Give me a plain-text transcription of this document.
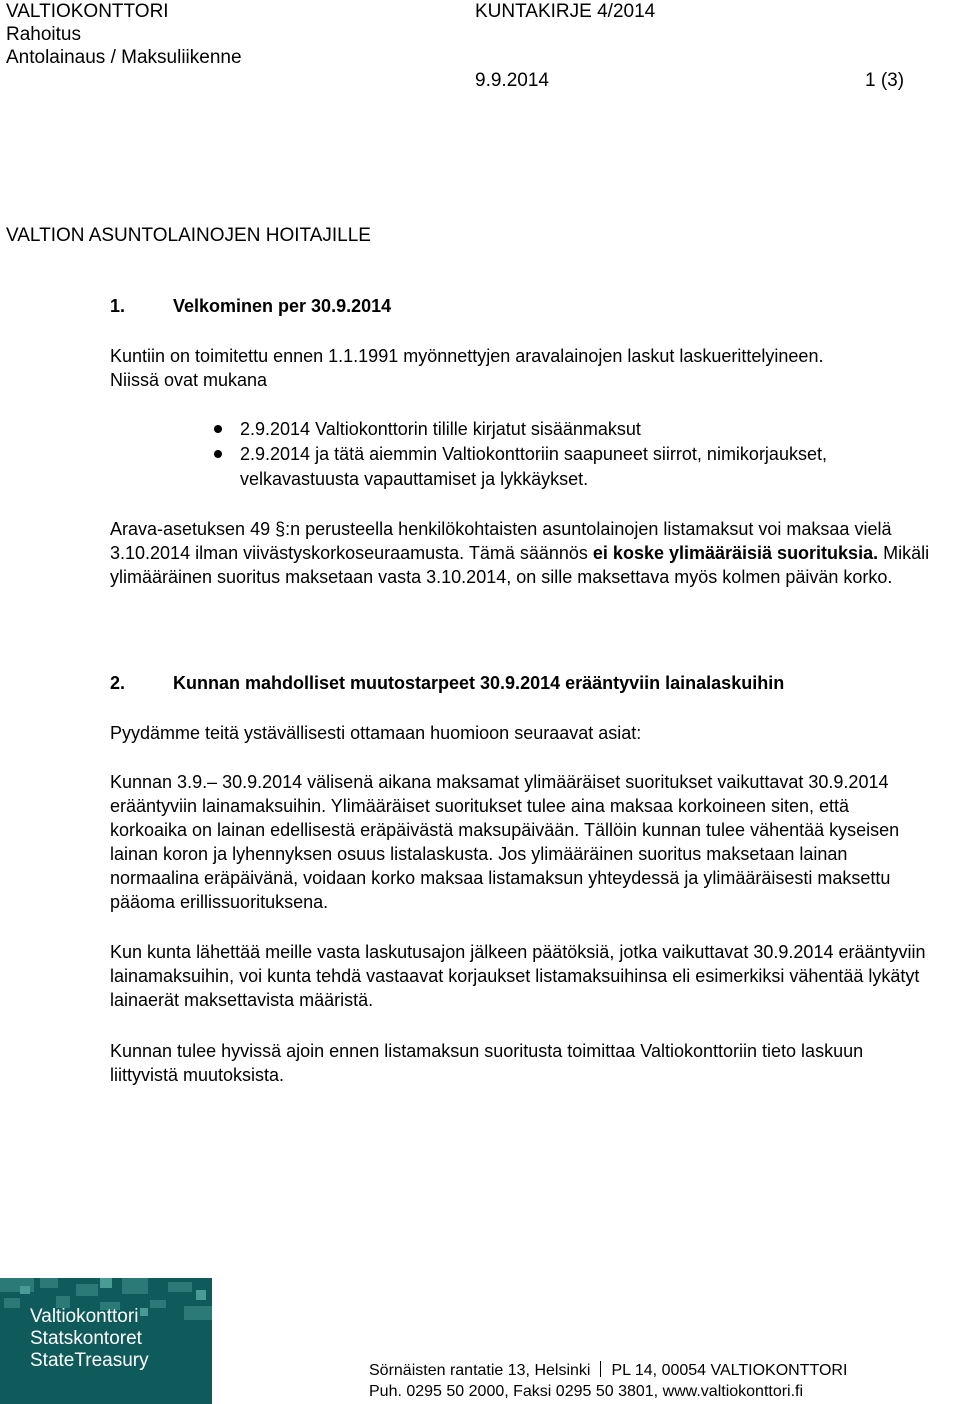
VALTIOKONTTORI	KUNTAKIRJE 4/2014
Rahoitus
Antolainaus / Maksuliikenne
9.9.2014	1 (3)
VALTION ASUNTOLAINOJEN HOITAJILLE
1.	Velkominen per 30.9.2014
Kuntiin on toimitettu ennen 1.1.1991 myönnettyjen aravalainojen laskut laskuerittelyineen.
Niissä ovat mukana
2.9.2014 Valtiokonttorin tilille kirjatut sisäänmaksut
2.9.2014 ja tätä aiemmin Valtiokonttoriin saapuneet siirrot, nimikorjaukset,
velkavastuusta vapauttamiset ja lykkäykset.
Arava-asetuksen 49 §:n perusteella henkilökohtaisten asuntolainojen listamaksut voi maksaa vielä 3.10.2014 ilman viivästyskorkoseuraamusta. Tämä säännös ei koske ylimääräisiä suorituksia. Mikäli ylimääräinen suoritus maksetaan vasta 3.10.2014, on sille maksettava myös kolmen päivän korko.
2.	Kunnan mahdolliset muutostarpeet 30.9.2014 erääntyviin lainalaskuihin
Pyydämme teitä ystävällisesti ottamaan huomioon seuraavat asiat:
Kunnan 3.9.– 30.9.2014 välisenä aikana maksamat ylimääräiset suoritukset vaikuttavat 30.9.2014 erääntyviin lainamaksuihin. Ylimääräiset suoritukset tulee aina maksaa korkoineen siten, että korkoaika on lainan edellisestä eräpäivästä maksupäivään. Tällöin kunnan tulee vähentää kyseisen lainan koron ja lyhennyksen osuus listalaskusta. Jos ylimääräinen suoritus maksetaan lainan normaalina eräpäivänä, voidaan korko maksaa listamaksun yhteydessä ja ylimääräisesti maksettu pääoma erillissuorituksena.
Kun kunta lähettää meille vasta laskutusajon jälkeen päätöksiä, jotka vaikuttavat 30.9.2014 erääntyviin lainamaksuihin, voi kunta tehdä vastaavat korjaukset listamaksuihinsa eli esimerkiksi vähentää lykätyt lainaerät maksettavista määristä.
Kunnan tulee hyvissä ajoin ennen listamaksun suoritusta toimittaa Valtiokonttoriin tieto laskuun liittyvistä muutoksista.
Valtiokonttori
Statskontoret
StateTreasury	Sörnäisten rantatie 13, Helsinki PL 14, 00054 VALTIOKONTTORI
Puh. 0295 50 2000, Faksi 0295 50 3801, www.valtiokonttori.fi
